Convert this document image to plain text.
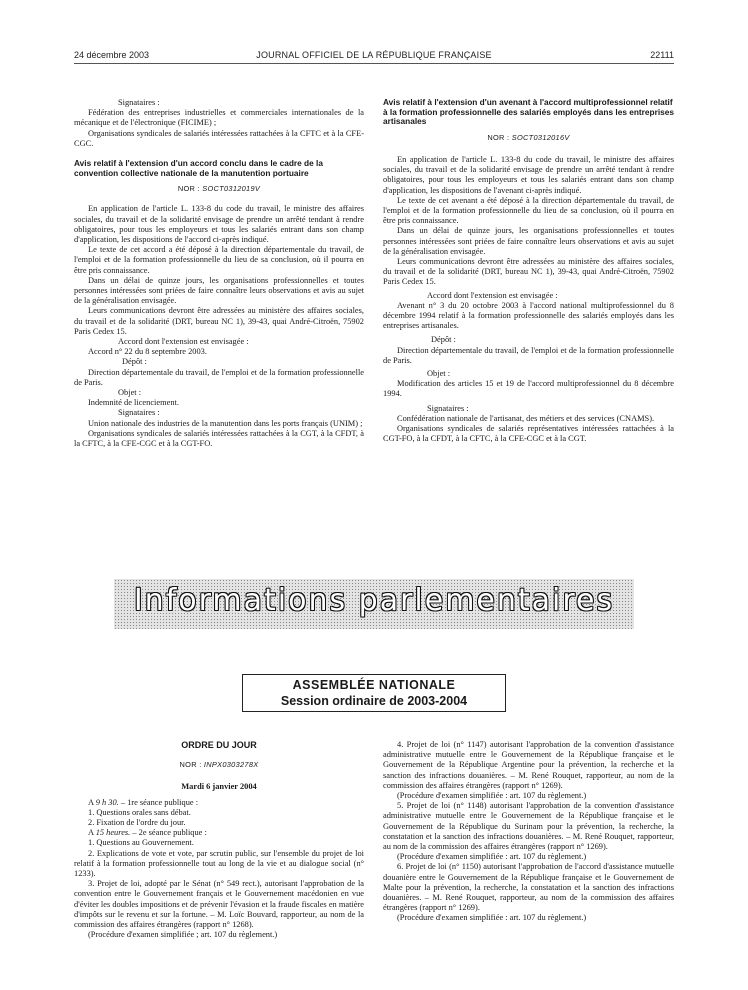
24 décembre 2003	JOURNAL OFFICIEL DE LA RÉPUBLIQUE FRANÇAISE	22111

Signataires :

Fédération des entreprises industrielles et commerciales internationales de la mécanique et de l'électronique (FICIME) ;

Organisations syndicales de salariés intéressées rattachées à la CFTC et à la CFE-CGC.

Avis relatif à l'extension d'un accord conclu dans le cadre de la convention collective nationale de la manutention portuaire

NOR : SOCT0312019V

En application de l'article L. 133-8 du code du travail, le ministre des affaires sociales, du travail et de la solidarité envisage de prendre un arrêté tendant à rendre obligatoires, pour tous les employeurs et tous les salariés entrant dans son champ d'application, les dispositions de l'accord ci-après indiqué.

Le texte de cet accord a été déposé à la direction départementale du travail, de l'emploi et de la formation professionnelle du lieu de sa conclusion, où il pourra en être pris connaissance.

Dans un délai de quinze jours, les organisations professionnelles et toutes personnes intéressées sont priées de faire connaître leurs observations et avis au sujet de la généralisation envisagée.

Leurs communications devront être adressées au ministère des affaires sociales, du travail et de la solidarité (DRT, bureau NC 1), 39-43, quai André-Citroën, 75902 Paris Cedex 15.

Accord dont l'extension est envisagée :

Accord n° 22 du 8 septembre 2003.

Dépôt :

Direction départementale du travail, de l'emploi et de la formation professionnelle de Paris.

Objet :

Indemnité de licenciement.

Signataires :

Union nationale des industries de la manutention dans les ports français (UNIM) ;

Organisations syndicales de salariés intéressées rattachées à la CGT, à la CFDT, à la CFTC, à la CFE-CGC et à la CGT-FO.

Avis relatif à l'extension d'un avenant à l'accord multiprofessionnel relatif à la formation professionnelle des salariés employés dans les entreprises artisanales

NOR : SOCT0312016V

En application de l'article L. 133-8 du code du travail, le ministre des affaires sociales, du travail et de la solidarité envisage de prendre un arrêté tendant à rendre obligatoires, pour tous les employeurs et tous les salariés entrant dans son champ d'application, les dispositions de l'avenant ci-après indiqué.

Le texte de cet avenant a été déposé à la direction départementale du travail, de l'emploi et de la formation professionnelle du lieu de sa conclusion, où il pourra en être pris connaissance.

Dans un délai de quinze jours, les organisations professionnelles et toutes personnes intéressées sont priées de faire connaître leurs observations et avis au sujet de la généralisation envisagée.

Leurs communications devront être adressées au ministère des affaires sociales, du travail et de la solidarité (DRT, bureau NC 1), 39-43, quai André-Citroën, 75902 Paris Cedex 15.

Accord dont l'extension est envisagée :

Avenant n° 3 du 20 octobre 2003 à l'accord national multiprofessionnel du 8 décembre 1994 relatif à la formation professionnelle des salariés employés dans les entreprises artisanales.

Dépôt :

Direction départementale du travail, de l'emploi et de la formation professionnelle de Paris.

Objet :

Modification des articles 15 et 19 de l'accord multiprofessionnel du 8 décembre 1994.

Signataires :

Confédération nationale de l'artisanat, des métiers et des services (CNAMS).

Organisations syndicales de salariés représentatives intéressées rattachées à la CGT-FO, à la CFDT, à la CFTC, à la CFE-CGC et à la CGT.

Informations parlementaires
ASSEMBLÉE NATIONALE
Session ordinaire de 2003-2004

ORDRE DU JOUR

NOR : INPX0303278X

Mardi 6 janvier 2004

A 9 h 30. – 1re séance publique :

1. Questions orales sans débat.

2. Fixation de l'ordre du jour.

A 15 heures. – 2e séance publique :

1. Questions au Gouvernement.

2. Explications de vote et vote, par scrutin public, sur l'ensemble du projet de loi relatif à la formation professionnelle tout au long de la vie et au dialogue social (n° 1233).

3. Projet de loi, adopté par le Sénat (n° 549 rect.), autorisant l'approbation de la convention entre le Gouvernement français et le Gouvernement macédonien en vue d'éviter les doubles impositions et de prévenir l'évasion et la fraude fiscales en matière d'impôts sur le revenu et sur la fortune. – M. Loïc Bouvard, rapporteur, au nom de la commission des affaires étrangères (rapport n° 1268).

(Procédure d'examen simplifiée ; art. 107 du règlement.)

4. Projet de loi (n° 1147) autorisant l'approbation de la convention d'assistance administrative mutuelle entre le Gouvernement de la République française et le Gouvernement de la République Argentine pour la prévention, la recherche et la sanction des infractions douanières. – M. René Rouquet, rapporteur, au nom de la commission des affaires étrangères (rapport n° 1269).

(Procédure d'examen simplifiée : art. 107 du règlement.)

5. Projet de loi (n° 1148) autorisant l'approbation de la convention d'assistance administrative mutuelle entre le Gouvernement de la République française et le Gouvernement de la République du Surinam pour la prévention, la recherche, la constatation et la sanction des infractions douanières. – M. René Rouquet, rapporteur, au nom de la commission des affaires étrangères (rapport n° 1269).

(Procédure d'examen simplifiée : art. 107 du règlement.)

6. Projet de loi (n° 1150) autorisant l'approbation de l'accord d'assistance mutuelle douanière entre le Gouvernement de la République française et le Gouvernement de Malte pour la prévention, la recherche, la constatation et la sanction des infractions douanières. – M. René Rouquet, rapporteur, au nom de la commission des affaires étrangères (rapport n° 1269).

(Procédure d'examen simplifiée : art. 107 du règlement.)
